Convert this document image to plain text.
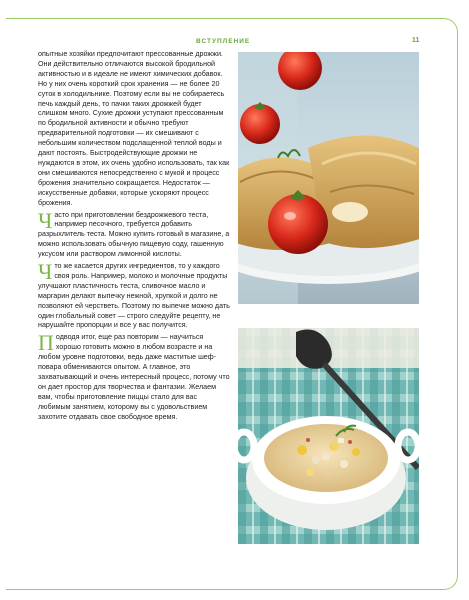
ВСТУПЛЕНИЕ	11

опытные хозяйки предпочитают прессованные дрожжи. Они действительно отличаются высокой бродильной активностью и в идеале не имеют химических добавок. Но у них очень короткий срок хранения — не более 20 суток в холодильнике. Поэтому если вы не собираетесь печь каждый день, то пачки таких дрожжей будет слишком много. Сухие дрожжи уступают прессованным по бродильной активности и обычно требуют предварительной подготовки — их смешивают с небольшим количеством подслащенной теплой воды и дают постоять. Быстродействующие дрожжи не нуждаются в этом, их очень удобно использовать, так как они смешиваются непосредственно с мукой и процесс брожения значительно сокращается. Недостаток — искусственные добавки, которые ускоряют процесс брожения.

Часто при приготовлении бездрожжевого теста, например песочного, требуется добавить разрыхлитель теста. Можно купить готовый в магазине, а можно использовать обычную пищевую соду, гашенную уксусом или раствором лимонной кислоты.

Что же касается других ингредиентов, то у каждого своя роль. Например, молоко и молочные продукты улучшают пластичность теста, сливочное масло и маргарин делают выпечку нежной, хрупкой и долго не позволяют ей черстветь. Поэтому по выпечке можно дать один глобальный совет — строго следуйте рецепту, не нарушайте пропорции и все у вас получится.

Подводя итог, еще раз повторим — научиться хорошо готовить можно в любом возрасте и на любом уровне подготовки, ведь даже маститые шеф-повара обмениваются опытом. А главное, это захватывающий и очень интересный процесс, потому что он дает простор для творчества и фантазии. Желаем вам, чтобы приготовление пиццы стало для вас любимым занятием, которому вы с удовольствием захотите отдавать свое свободное время.
